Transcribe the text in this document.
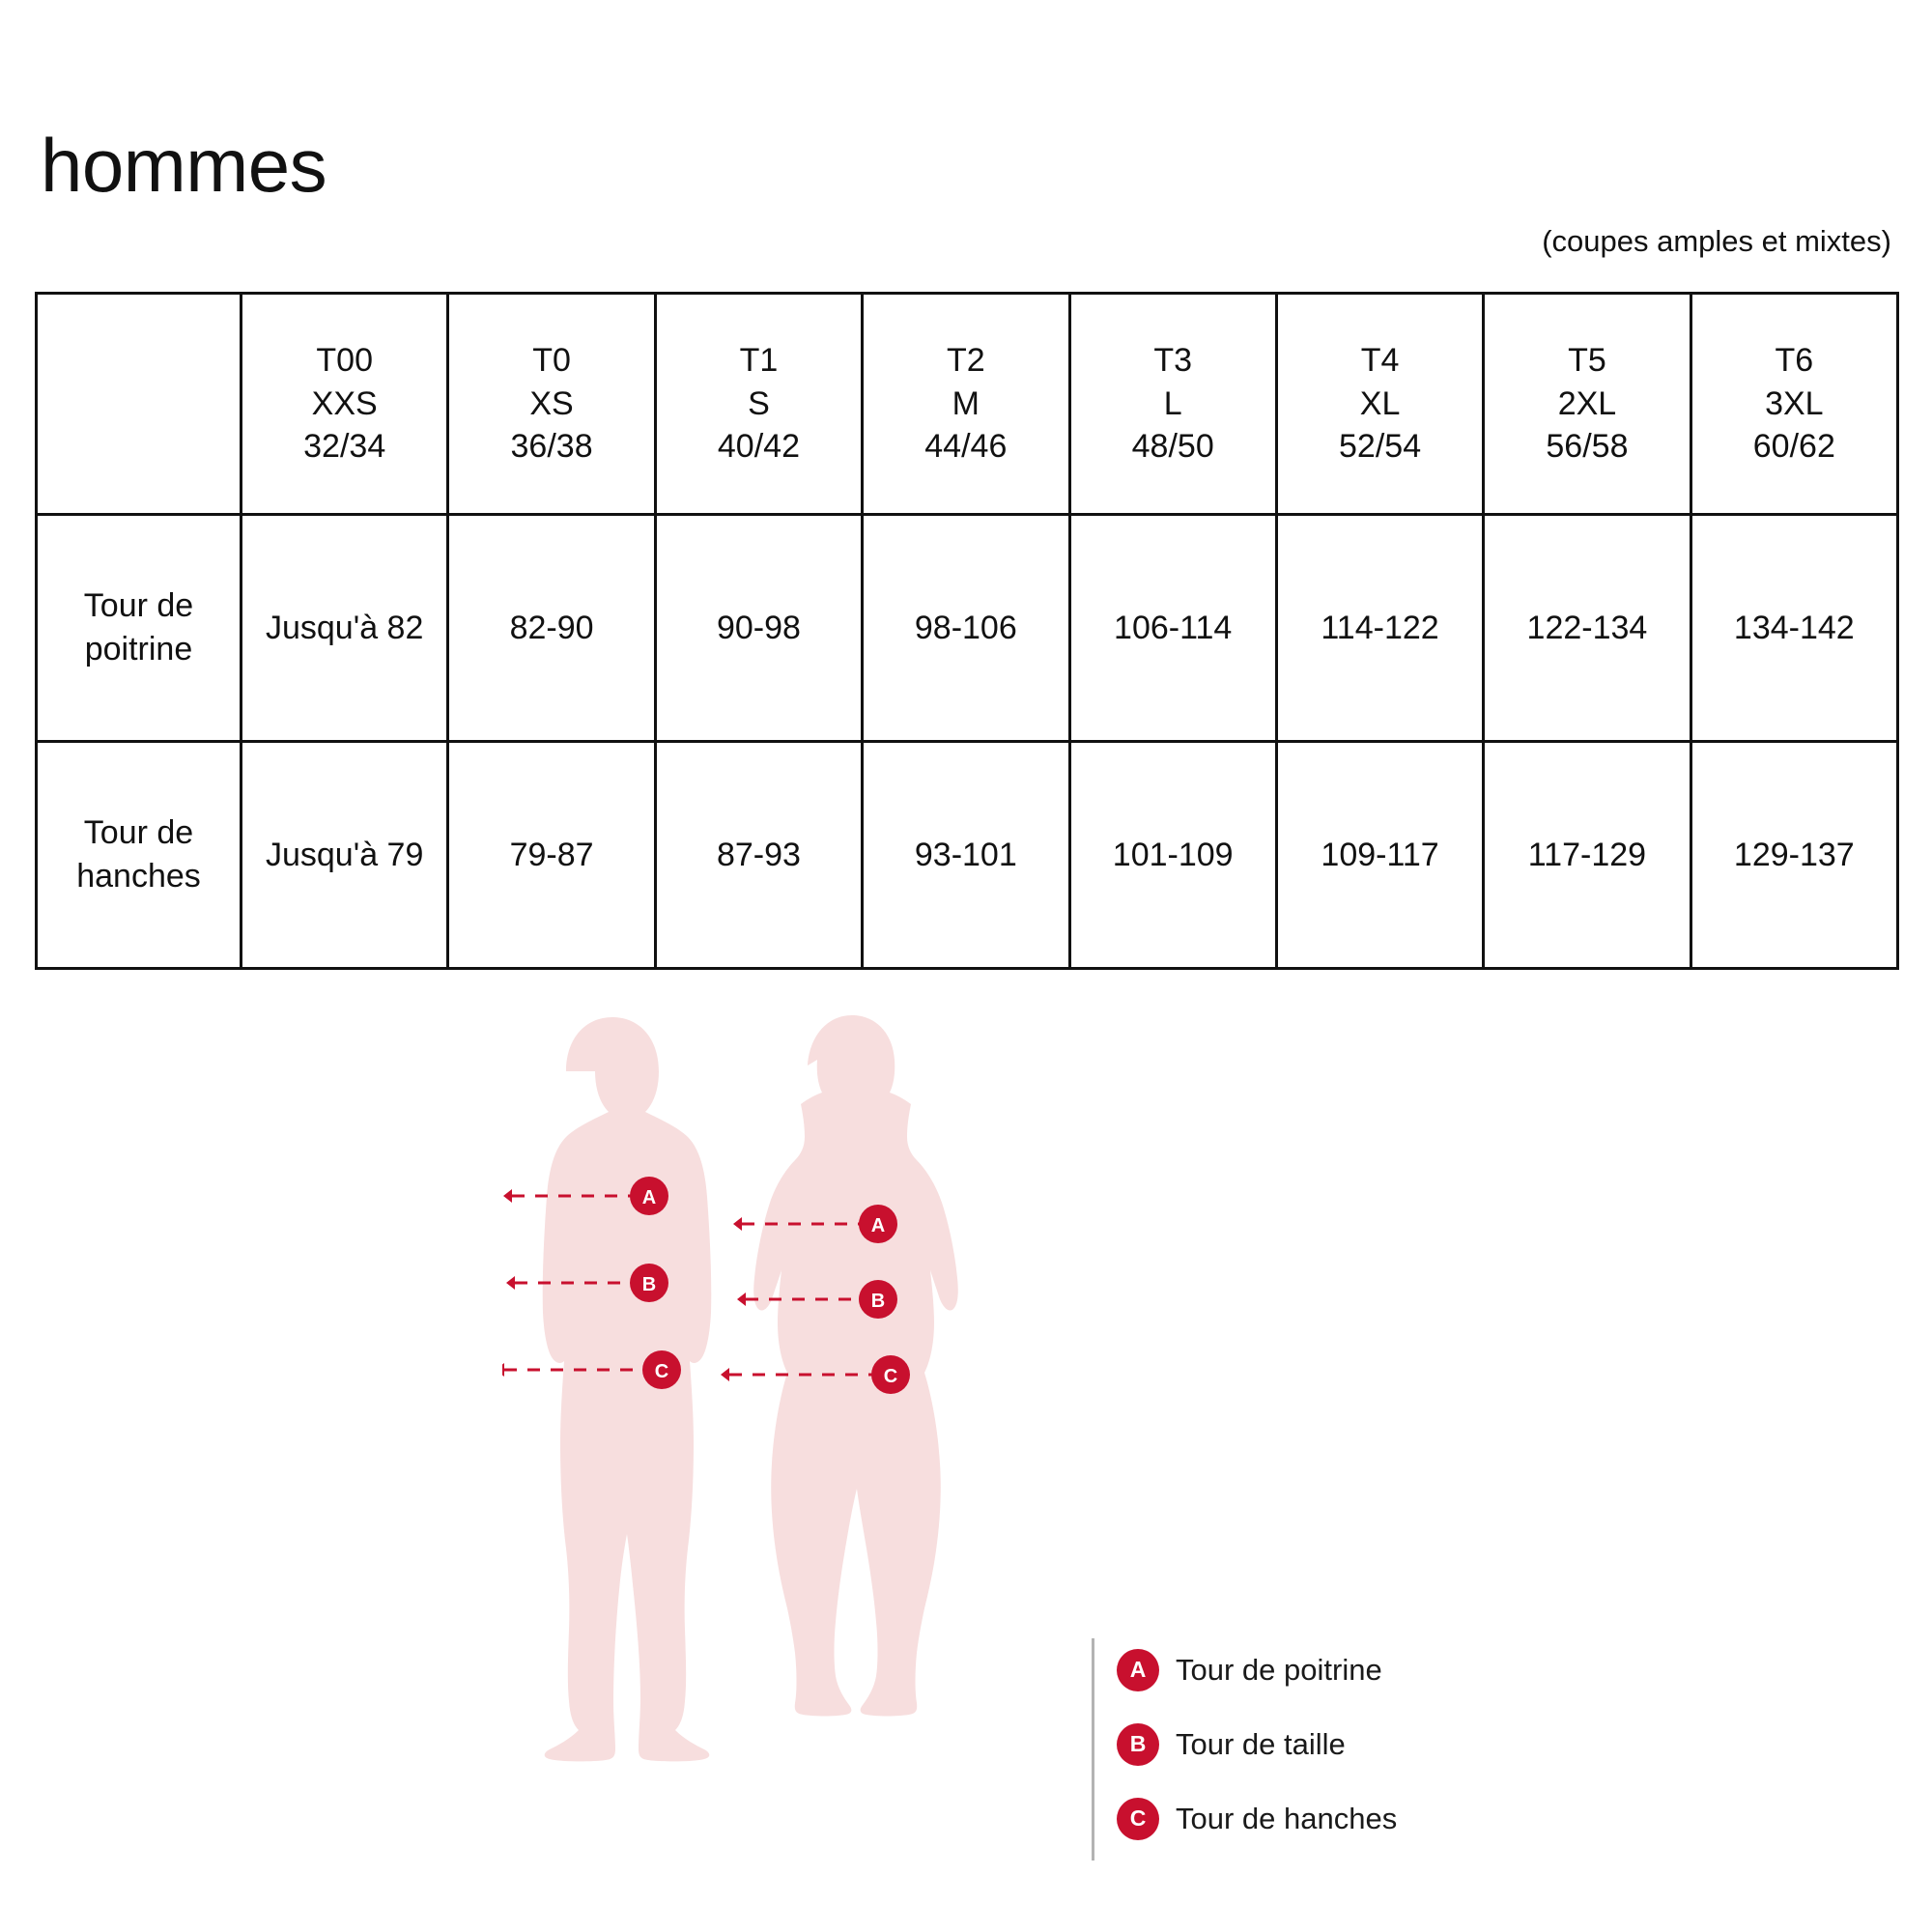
hommes
(coupes amples et mixtes)

	T00
XXS
32/34	T0
XS
36/38	T1
S
40/42	T2
M
44/46	T3
L
48/50	T4
XL
52/54	T5
2XL
56/58	T6
3XL
60/62

Tour de poitrine	Jusqu'à 82	82-90	90-98	98-106	106-114	114-122	122-134	134-142
Tour de hanches	Jusqu'à 79	79-87	87-93	93-101	101-109	109-117	117-129	129-137
A
B
C
A
B
C
A Tour de poitrine
B Tour de taille
C Tour de hanches
